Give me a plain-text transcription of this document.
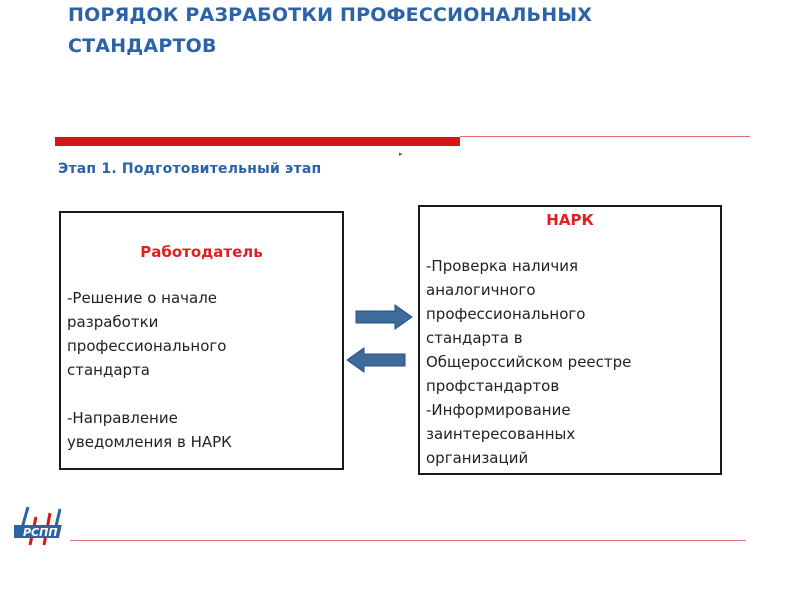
ПОРЯДОК РАЗРАБОТКИ ПРОФЕССИОНАЛЬНЫХ
СТАНДАРТОВ
▸
Этап 1. Подготовительный этап
Работодатель
-Решение о начале
разработки
профессионального
стандарта
-Направление
уведомления в НАРК
НАРК
-Проверка наличия
аналогичного
профессионального
стандарта в
Общероссийском реестре
профстандартов
-Информирование
заинтересованных
организаций
РСПП
